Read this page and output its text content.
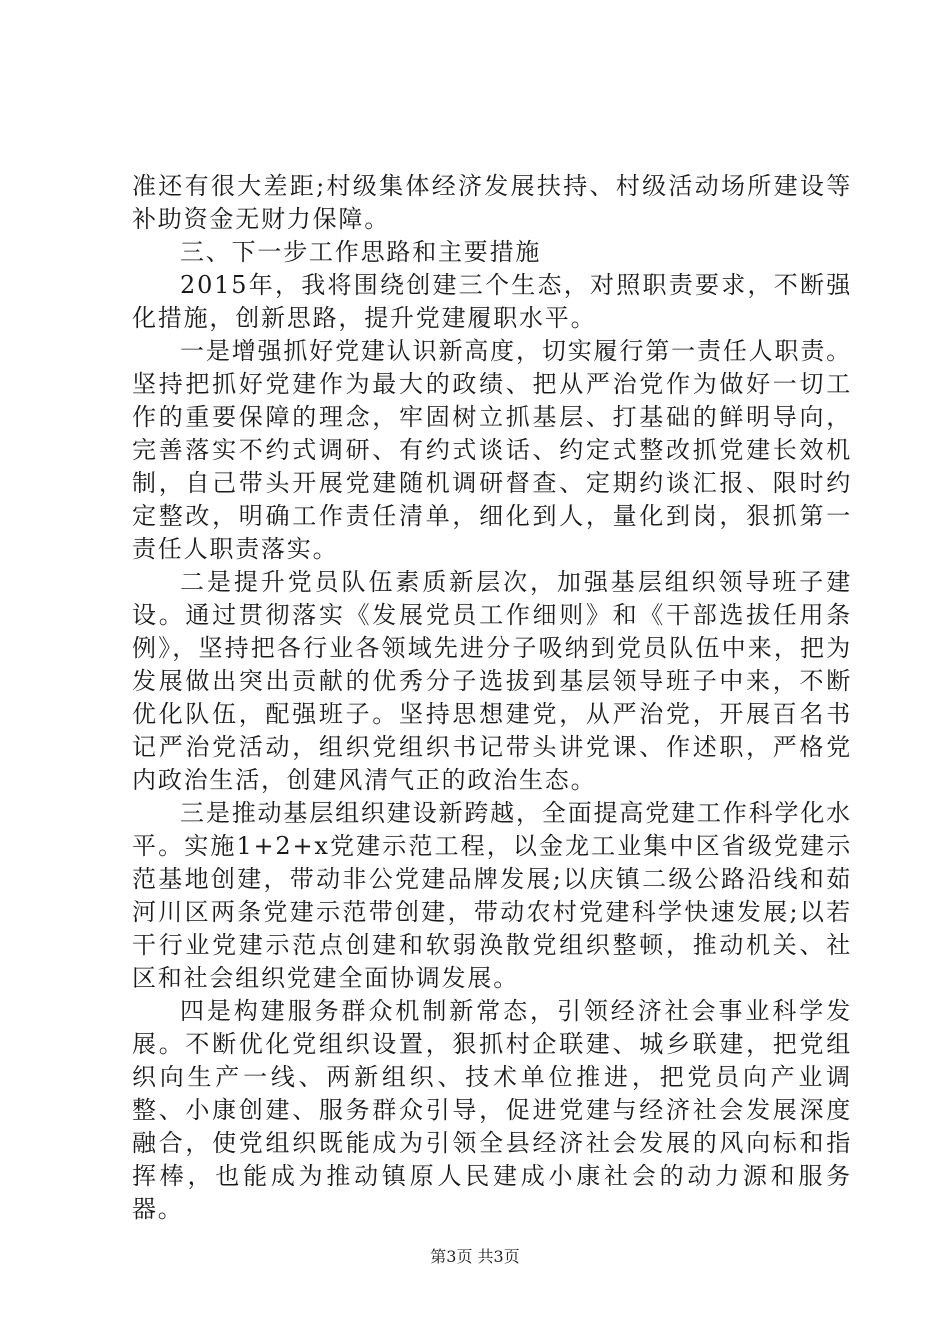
准还有很大差距;村级集体经济发展扶持、村级活动场所建设等补助资金无财力保障。

三、下一步工作思路和主要措施

2015年，我将围绕创建三个生态，对照职责要求，不断强化措施，创新思路，提升党建履职水平。

一是增强抓好党建认识新高度，切实履行第一责任人职责。坚持把抓好党建作为最大的政绩、把从严治党作为做好一切工作的重要保障的理念，牢固树立抓基层、打基础的鲜明导向，完善落实不约式调研、有约式谈话、约定式整改抓党建长效机制，自己带头开展党建随机调研督查、定期约谈汇报、限时约定整改，明确工作责任清单，细化到人，量化到岗，狠抓第一责任人职责落实。

二是提升党员队伍素质新层次，加强基层组织领导班子建设。通过贯彻落实《发展党员工作细则》和《干部选拔任用条例》，坚持把各行业各领域先进分子吸纳到党员队伍中来，把为发展做出突出贡献的优秀分子选拔到基层领导班子中来，不断优化队伍，配强班子。坚持思想建党，从严治党，开展百名书记严治党活动，组织党组织书记带头讲党课、作述职，严格党内政治生活，创建风清气正的政治生态。

三是推动基层组织建设新跨越，全面提高党建工作科学化水平。实施1+2+x党建示范工程，以金龙工业集中区省级党建示范基地创建，带动非公党建品牌发展;以庆镇二级公路沿线和茹河川区两条党建示范带创建，带动农村党建科学快速发展;以若干行业党建示范点创建和软弱涣散党组织整顿，推动机关、社区和社会组织党建全面协调发展。

四是构建服务群众机制新常态，引领经济社会事业科学发展。不断优化党组织设置，狠抓村企联建、城乡联建，把党组织向生产一线、两新组织、技术单位推进，把党员向产业调整、小康创建、服务群众引导，促进党建与经济社会发展深度融合，使党组织既能成为引领全县经济社会发展的风向标和指挥棒，也能成为推动镇原人民建成小康社会的动力源和服务器。

第3页 共3页
